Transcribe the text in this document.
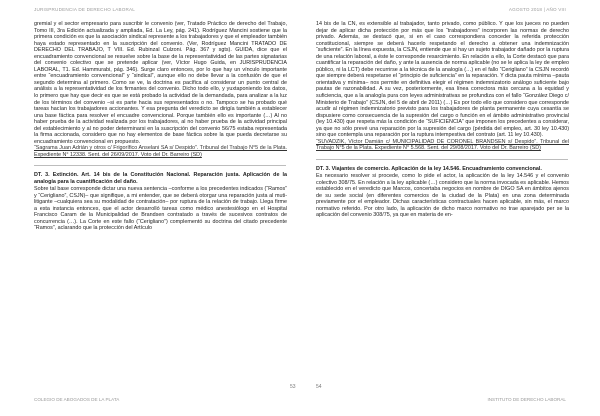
JURISPRUDENCIA DE DERECHO LABORAL	AGOSTO 2018 | AÑO VIII

gremial y el sector empresario para suscribir le convenio (ver, Tratado Práctico de derecho del Trabajo, Tomo III, 3ra Edición actualizada y ampliada, Ed. La Ley, pág. 241). Rodríguez Mancini sostiene que la primera condición es que la asociación sindical represente a los trabajadores y que el empleador también haya estado representado en la suscripción del convenio. (Ver, Rodríguez Mancini TRATADO DE DERECHO DEL TRABAJO, T VIII. Ed. Rubinzal Culzoni. Pág. 367 y sgts). GUIDA, dice que el encuadramiento convencional se resuelve sobre la base de la representatividad de las partes signatarias del convenio colectivo que se pretende aplicar (ver, Víctor Hugo Guida, en JURISPRUDENCIA LABORAL, T1. Ed. Hammurabi, pág. 346). Surge claro entonces, por lo que hay un vínculo importante entre “encuadramiento convencional” y “sindical”, aunque ello no debe llevar a la confusión de que el segundo determina al primero. Como se ve, la doctrina es pacífica al considerar un punto central de análisis a la representatividad de los firmantes del convenio. Dicho todo ello, y yuxtaponiendo los datos, lo primero que hay que decir es que se está probado la actividad de la demandada, para analizar a la luz de los términos del convenio –si es parte hacia sus representados o no. Tampoco se ha probado qué tareas hacían los trabajadores accionantes. Y esa pregunta del veredicto se dirigía también a establecer una base fáctica para resolver el encuadre convencional. Porque también ello es importante (…) Al no haber prueba de la actividad realizada por los trabajadores, al no haber prueba de la actividad principal del establecimiento y al no poder determinarsi en la suscripción del convenio 56/75 estaba representada la firma accionada, considero que no hay elementos de base fáctica sobre la que pueda decretarse su encuadramiento convencional en propuesto.

“Sagrama Juan Adrián y otros c/ Frigorífico Anselani SA s/ Despido”. Tribunal del Trabajo N°5 de la Plata. Expediente N° 12338. Sent. del 26/09/2017. Voto del Dr. Barreiro (SD)

DT. 3. Extinción. Art. 14 bis de la Constitución Nacional. Reparación justa. Aplicación de la analogía para la cuantificación del daño.

Sobre tal base corresponde dictar una nueva sentencia –conforme a los precedentes indicados (“Ramos” y “Cerigliano”, CSJN)– que signifique, a mi entender, que se deberá otorgar una reparación justa al muti-litigante –cualquiera sea su modalidad de contratación– por ruptura de la relación de trabajo. Llega firme a esta instancia entonces, que el actor desarrolló tareas como médico anestesiólogo en el Hospital Francisco Caram de la Municipalidad de Brandsen contratado a través de sucesivos contratos de concurrencia (…). La Corte en este fallo (“Cerigliano”) complementó su doctrina del citado precedente “Ramos”, aclarando que la protección del Artículo

14 bis de la CN, es extensible al trabajador, tanto privado, como público. Y que los jueces no pueden dejar de aplicar dicha protección por más que los “trabajadores” incorporen las normas de derecho privado. Además, se destacó que, si en el caso correspondiera conceder la referida protección constitucional, siempre se deberá hacerlo respetando el derecho a obtener una indemnización “suficiente”. En la línea expuesta, la CSJN, entiende que si hay un sujeto trabajador dañado por la ruptura de una relación laboral, a éste le corresponde resarcimiento. En relación a ello, la Corte destacó que para cuantificar la reparación del daño, y ante la ausencia de norma aplicable (no se le aplica la ley de empleo público, ni la LCT) debe recurrirse a la técnica de la analogía (…) en el fallo “Cerigliano” la CSJN recordó que siempre deberá respetarse el “principio de suficiencia” en la reparación. Y dicta pauta mínima –pauta orientativa y mínima– nos permite en definitiva elegir el régimen indemnizatorio análogo suficiente bajo pautas de razonabilidad. A su vez, posteriormente, esa línea correctora más cercana a la equidad y suficiencia, que a la analogía pura con leyes administrativas se profundiza con el fallo “González Diego c/ Ministerio de Trabajo” (CSJN, del 5 de abril de 2011) (…) Es por todo ello que considero que corresponde acudir al régimen indemnizatorio previsto para los trabajadores de planta permanente cuya cesantía se dispusiere como consecuencia de la supresión del cargo o función en el ámbito administrativo provincial (ley 10.430) que respeta más la condición de “SUFICIENCIA” que imponen los precedentes a considerar, ya que no sólo prevé una reparación por la supresión del cargo (pérdida del empleo, art. 30 ley 10.430) sino que contempla una reparación por la ruptura intempestiva del contrato (art. 11 ley 10.430).

“SUVADZIK, Víctor Damián c/ MUNICIPALIDAD DE CORONEL BRANDSEN s/ Despido”. Tribunal del Trabajo N°5 de la Plata. Expediente N° 5.568. Sent. del 29/08/2017. Voto del Dr. Barreiro (SD)

DT. 3. Viajantes de comercio. Aplicación de la ley 14.546. Encuadramiento convencional.

Es necesario resolver si procede, como lo pide el actor, la aplicación de la ley 14.546 y el convenio colectivo 308/75. En relación a la ley aplicable (…) considero que la norma invocada es aplicable. Hemos establecido en el veredicto que Marcos, concertaba negocios en nombre de DIGO SA en ámbitos ajenos de su sede social (en diferentes comercios de la ciudad de la Plata) en una zona determinada previamente por el empleador. Dichas características contractuales hacen aplicable, sin más, el marco normativo referido. Por otro lado, la aplicación de dicho marco normativo no trae aparejado per se la aplicación del convenio 308/75, ya que en materia de en-

53	54
COLEGIO DE ABOGADOS DE LA PLATA	INSTITUTO DE DERECHO LABORAL
